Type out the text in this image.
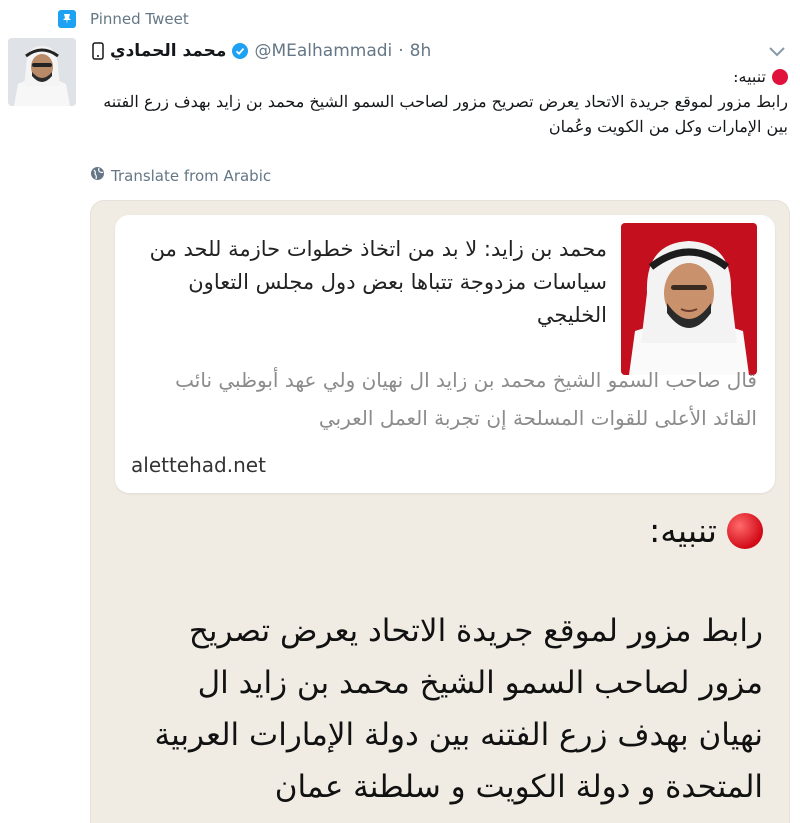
Pinned Tweet
محمد الحمادي @MEalhammadi · 8h
تنبيه:
رابط مزور لموقع جريدة الاتحاد يعرض تصريح مزور لصاحب السمو الشيخ محمد بن زايد بهدف زرع الفتنه بين الإمارات وكل من الكويت وعُمان
Translate from Arabic
محمد بن زايد: لا بد من اتخاذ خطوات حازمة للحد من سياسات مزدوجة تتباها بعض دول مجلس التعاون الخليجي
قال صاحب السمو الشيخ محمد بن زايد ال نهيان ولي عهد أبوظبي نائب القائد الأعلى للقوات المسلحة إن تجربة العمل العربي
alettehad.net
تنبيه:
رابط مزور لموقع جريدة الاتحاد يعرض تصريح مزور لصاحب السمو الشيخ محمد بن زايد ال نهيان بهدف زرع الفتنه بين دولة الإمارات العربية المتحدة و دولة الكويت و سلطنة عمان
